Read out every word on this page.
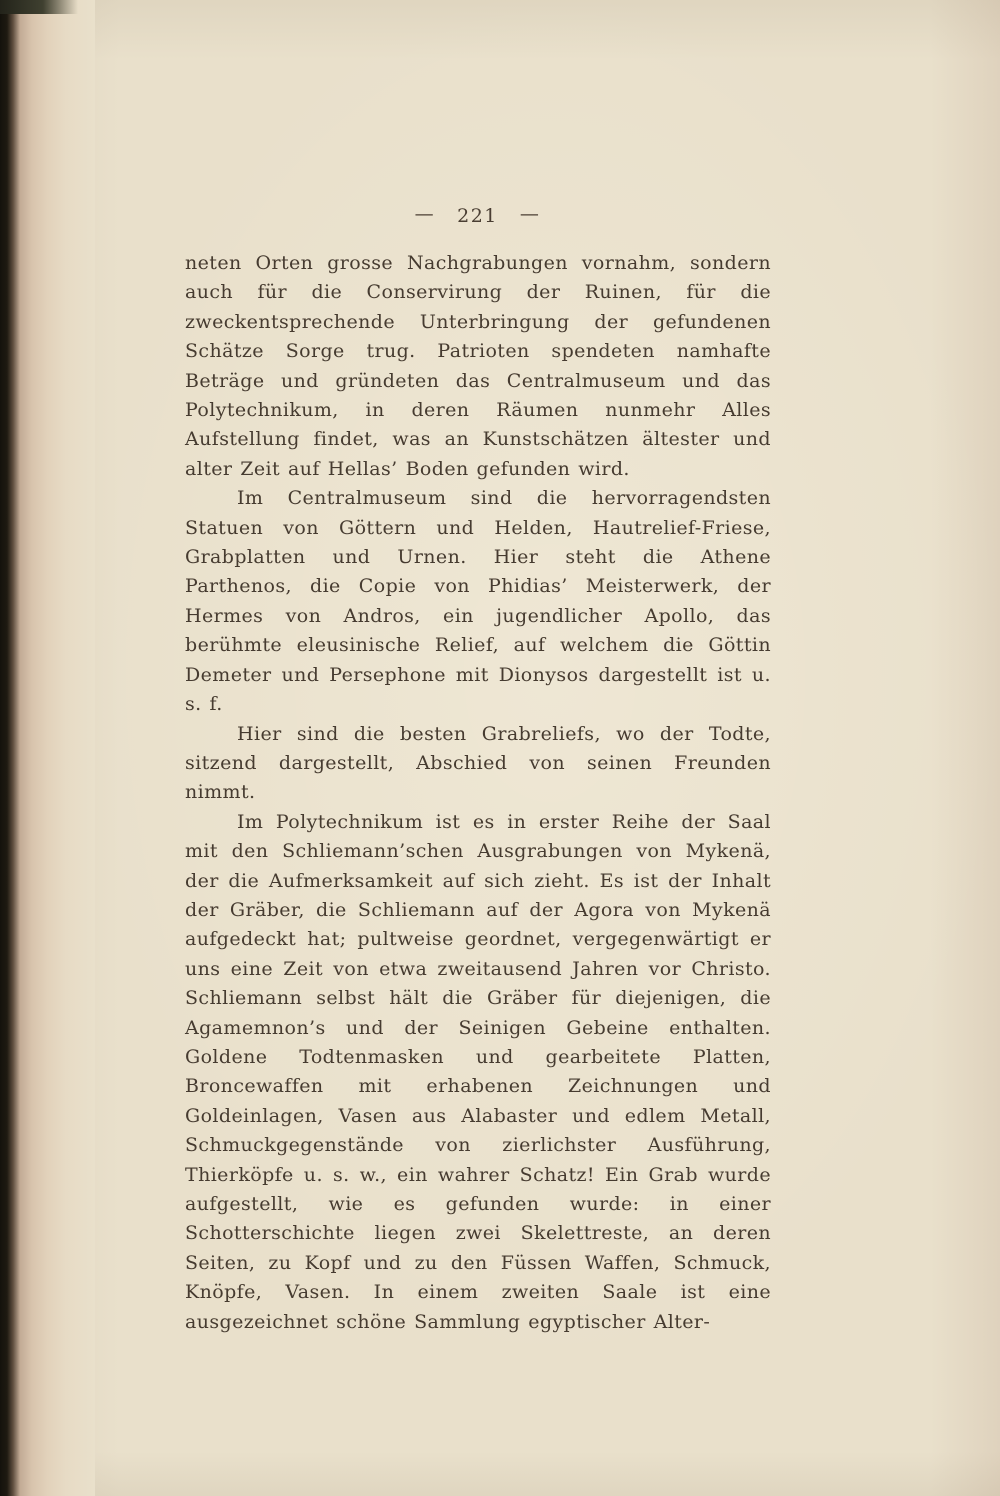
— 221 —

neten Orten grosse Nachgrabungen vornahm, sondern auch für die Conservirung der Ruinen, für die zweckentsprechende Unterbringung der gefundenen Schätze Sorge trug. Patrioten spendeten namhafte Beträge und gründeten das Centralmuseum und das Polytechnikum, in deren Räumen nunmehr Alles Aufstellung findet, was an Kunstschätzen ältester und alter Zeit auf Hellas’ Boden gefunden wird.

Im Centralmuseum sind die hervorragendsten Statuen von Göttern und Helden, Hautrelief-Friese, Grabplatten und Urnen. Hier steht die Athene Parthenos, die Copie von Phidias’ Meisterwerk, der Hermes von Andros, ein jugendlicher Apollo, das berühmte eleusinische Relief, auf welchem die Göttin Demeter und Persephone mit Dionysos dargestellt ist u. s. f.

Hier sind die besten Grabreliefs, wo der Todte, sitzend dargestellt, Abschied von seinen Freunden nimmt.

Im Polytechnikum ist es in erster Reihe der Saal mit den Schliemann’schen Ausgrabungen von Mykenä, der die Aufmerksamkeit auf sich zieht. Es ist der Inhalt der Gräber, die Schliemann auf der Agora von Mykenä aufgedeckt hat; pultweise geordnet, vergegenwärtigt er uns eine Zeit von etwa zweitausend Jahren vor Christo. Schliemann selbst hält die Gräber für diejenigen, die Agamemnon’s und der Seinigen Gebeine enthalten. Goldene Todtenmasken und gearbeitete Platten, Broncewaffen mit erhabenen Zeichnungen und Goldeinlagen, Vasen aus Alabaster und edlem Metall, Schmuckgegenstände von zierlichster Ausführung, Thierköpfe u. s. w., ein wahrer Schatz! Ein Grab wurde aufgestellt, wie es gefunden wurde: in einer Schotterschichte liegen zwei Skelettreste, an deren Seiten, zu Kopf und zu den Füssen Waffen, Schmuck, Knöpfe, Vasen. In einem zweiten Saale ist eine ausgezeichnet schöne Sammlung egyptischer Alter-
